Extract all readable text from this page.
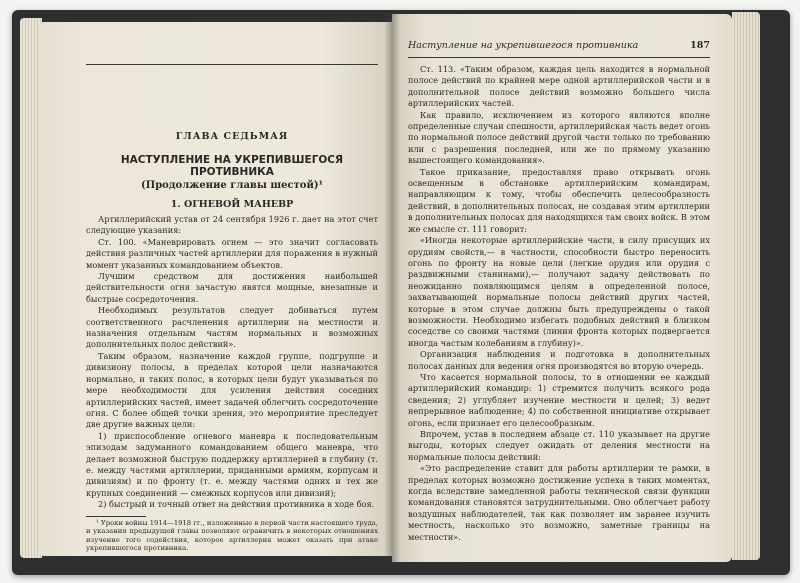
ГЛАВА СЕДЬМАЯ
НАСТУПЛЕНИЕ НА УКРЕПИВШЕГОСЯ ПРОТИВНИКА
(Продолжение главы шестой)¹
1. ОГНЕВОЙ МАНЕВР

Артиллерийский устав от 24 сентября 1926 г. дает на этот счет следующие указания:

Ст. 100. «Маневрировать огнем — это значит согласовать действия различных частей артиллерии для поражения в нужный момент указанных командованием объектов.

Лучшим средством для достижения наибольшей действительности огня зачастую явятся мощные, внезапные и быстрые сосредоточения.

Необходимых результатов следует добиваться путем соответственного расчленения артиллерии на местности и назначения отдельным частям нормальных и возможных дополнительных полос действий».

Таким образом, назначение каждой группе, подгруппе и дивизиону полосы, в пределах которой цели назначаются нормально, и таких полос, в которых цели будут указываться по мере необходимости для усиления действия соседних артиллерийских частей, имеет задачей облегчить сосредоточение огня. С более общей точки зрения, это мероприятие преследует две другие важных цели:

1) приспособление огневого маневра к последовательным эпизодам задуманного командованием общего маневра, что делает возможной быструю поддержку артиллерией в глубину (т. е. между частями артиллерии, приданными армиям, корпусам и дивизиям) и по фронту (т. е. между частями одних и тех же крупных соединений — смежных корпусов или дивизий);

2) быстрый и точный ответ на действия противника в ходе боя.

¹ Уроки войны 1914—1918 гг., изложенные в первой части настоящего труда, и указания предыдущей главы позволяют ограничить в некоторых отношениях изучение того содействия, которое артиллерия может оказать при атаке укрепившегося противника.

Наступление на укрепившегося противника	187

Ст. 113. «Таким образом, каждая цель находится в нормальной полосе действий по крайней мере одной артиллерийской части и в дополнительной полосе действий возможно большего числа артиллерийских частей.

Как правило, исключением из которого являются вполне определенные случаи спешности, артиллерийская часть ведет огонь по нормальной полосе действий другой части только по требованию или с разрешения последней, или же по прямому указанию вышестоящего командования».

Такое приказание, предоставляя право открывать огонь освещенным в обстановке артиллерийским командирам, направляющим к тому, чтобы обеспечить целесообразность действий, в дополнительных полосах, не создавая этим артиллерии в дополнительных полосах для находящихся там своих войск. В этом же смысле ст. 111 говорит:

«Иногда некоторые артиллерийские части, в силу присущих их орудиям свойств,— в частности, способности быстро переносить огонь по фронту на новые цели (легкие орудия или орудия с раздвижными станинами),— получают задачу действовать по неожиданно появляющимся целям в определенной полосе, захватывающей нормальные полосы действий других частей, которые в этом случае должны быть предупреждены о такой возможности. Необходимо избегать подобных действий в близком соседстве со своими частями (линия фронта которых подвергается иногда частым колебаниям в глубину)».

Организация наблюдения и подготовка в дополнительных полосах данных для ведения огня производятся во вторую очередь.

Что касается нормальной полосы, то в отношении ее каждый артиллерийский командир: 1) стремится получить всякого рода сведения; 2) углубляет изучение местности и целей; 3) ведет непрерывное наблюдение; 4) по собственной инициативе открывает огонь, если признает его целесообразным.

Впрочем, устав в последнем абзаце ст. 110 указывает на другие выгоды, которых следует ожидать от деления местности на нормальные полосы действий:

«Это распределение ставит для работы артиллерии те рамки, в пределах которых возможно достижение успеха в таких моментах, когда вследствие замедленной работы технической связи функции командования становятся затруднительными. Оно облегчает работу воздушных наблюдателей, так как позволяет им заранее изучить местность, насколько это возможно, заметные границы на местности».
